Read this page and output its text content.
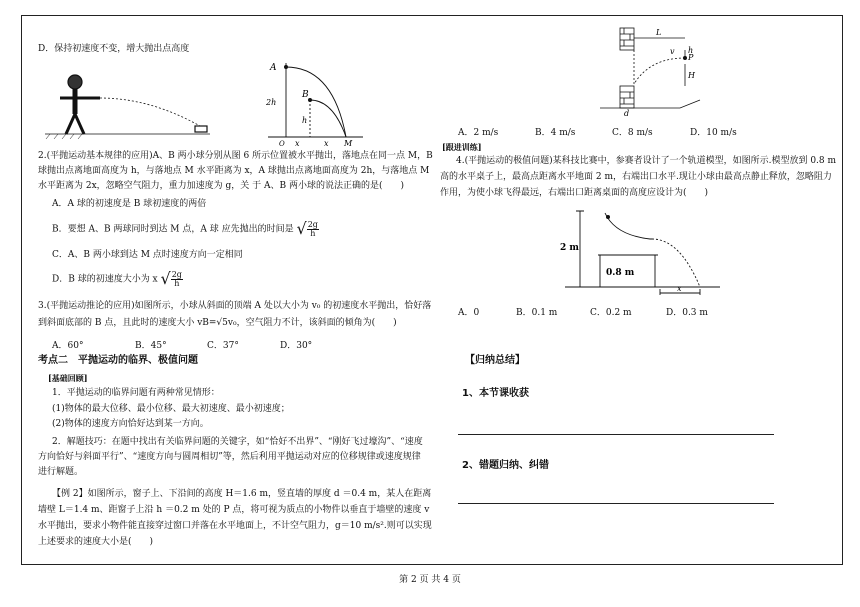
D．保持初速度不变，增大抛出点高度
A
B
2h
h
x	x M
O
2.(平抛运动基本规律的应用)A、B 两小球分别从图 6 所示位置被水平抛出，落地点在同一点 M，B
球抛出点离地面高度为 h，与落地点 M 水平距离为 x，A 球抛出点离地面高度为 2h，与落地点 M
水平距离为 2x，忽略空气阻力，重力加速度为 g，关 于 A、B 两小球的说法正确的是(　　)
A．A 球的初速度是 B 球初速度的两倍
B．要想 A、B 两球同时到达 M 点，A 球 应先抛出的时间是 √ $\frac{2g}{h}$
C．A、B 两小球到达 M 点时速度方向一定相同
D．B 球的初速度大小为 x √ $\frac{2g}{h}$
3.(平抛运动推论的应用)如图所示，小球从斜面的顶端 A 处以大小为 v₀ 的初速度水平抛出，恰好落
到斜面底部的 B 点，且此时的速度大小 vB=√5v₀，空气阻力不计，该斜面的倾角为(　　)
A．60°	B．45°	C．37°	D．30°
考点二　平抛运动的临界、极值问题
[基础回顾]
1．平抛运动的临界问题有两种常见情形：
(1)物体的最大位移、最小位移、最大初速度、最小初速度；
(2)物体的速度方向恰好达到某一方向。
2．解题技巧：在题中找出有关临界问题的关键字，如“恰好不出界”、“刚好飞过壕沟”、“速度
方向恰好与斜面平行”、“速度方向与圆周相切”等，然后利用平抛运动对应的位移规律或速度规律
进行解题。
【例 2】如图所示，窗子上、下沿间的高度 H＝1.6 m，竖直墙的厚度 d ＝0.4 m，某人在距离
墙壁 L＝1.4 m、距窗子上沿 h ＝0.2 m 处的 P 点，将可视为质点的小物件以垂直于墙壁的速度 v
水平抛出，要求小物件能直接穿过窗口并落在水平地面上，不计空气阻力，g＝10 m/s².则可以实现
上述要求的速度大小是(　　)
L
P
v h
H
d
A．2 m/s	B．4 m/s	C．8 m/s	D．10 m/s
[跟进训练]
4.(平抛运动的极值问题)某科技比赛中，参赛者设计了一个轨道模型，如图所示.模型放到 0.8 m
高的水平桌子上，最高点距离水平地面 2 m，右端出口水平.现让小球由最高点静止释放，忽略阻力
作用，为使小球飞得最远，右端出口距离桌面的高度应设计为(　　)
2 m
0.8 m
x
A．0	B．0.1 m	C．0.2 m	D．0.3 m
【归纳总结】
1、本节课收获
2、错题归纳、纠错
第 2 页 共 4 页
